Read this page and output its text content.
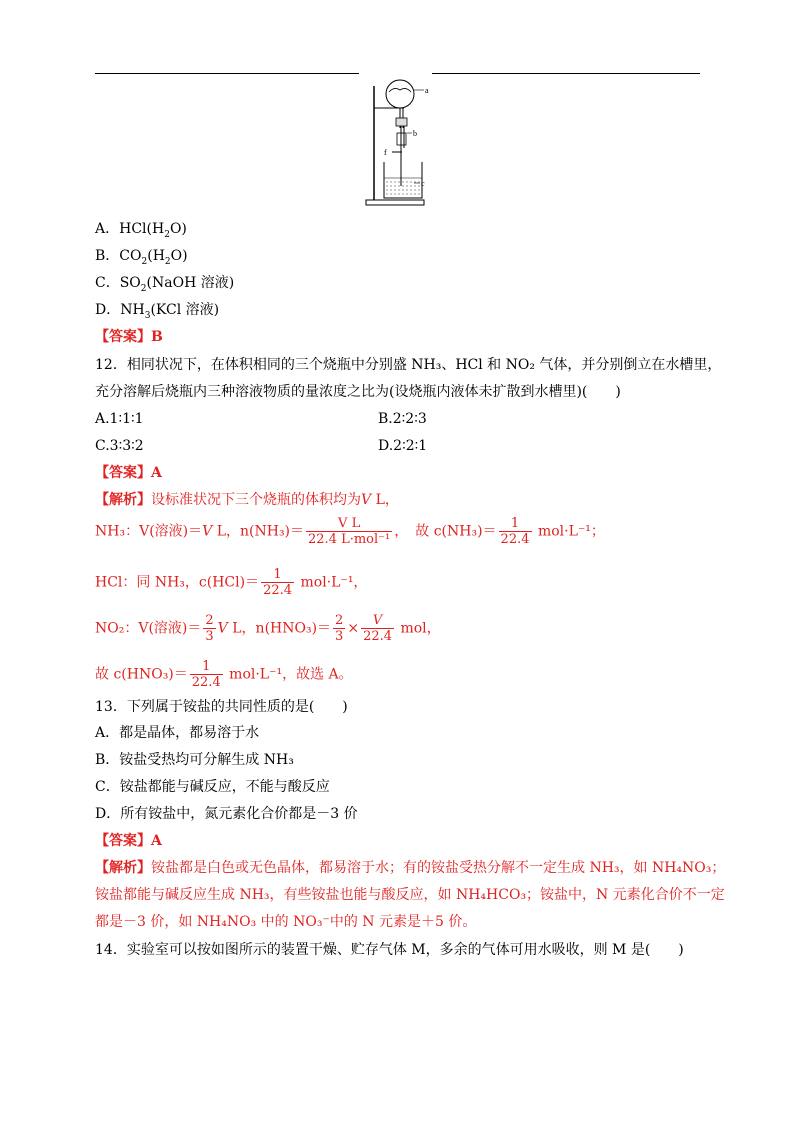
a
b
c
f
A．$HCl(H_2O)$
B．$CO_2(H_2O)$
C．$SO_2(NaOH$ 溶液)
D．$NH_3(KCl$ 溶液)
【答案】B
12．相同状况下，在体积相同的三个烧瓶中分别盛 NH₃、HCl 和 NO₂ 气体，并分别倒立在水槽里，
充分溶解后烧瓶内三种溶液物质的量浓度之比为(设烧瓶内液体未扩散到水槽里)(　　)
A.1∶1∶1	B.2∶2∶3
C.3∶3∶2	D.2∶2∶1
【答案】A
【解析】设标准状况下三个烧瓶的体积均为V L，
NH₃：V(溶液)＝V L，$n(NH_3)= \frac{\text{V L}}{\text{22.4 L·mol⁻¹}}$ ，　故 $c(NH_3)= \frac{1}{22.4} mol\cdot L^{-1}$；
HCl：同 NH₃，$c(HCl)= \frac{1}{22.4} mol\cdot L^{-1}$，
NO₂：V(溶液)＝ $\frac{2}{3}$ V L，$n(HNO_3)= \frac{2}{3} \times \frac{V}{22.4}$ mol，
故 $c(HNO_3)= \frac{1}{22.4} mol\cdot L^{-1}$，故选 A。
13．下列属于铵盐的共同性质的是(　　)
A．都是晶体，都易溶于水
B．铵盐受热均可分解生成 NH₃
C．铵盐都能与碱反应，不能与酸反应
D．所有铵盐中，氮元素化合价都是－3 价
【答案】A
【解析】铵盐都是白色或无色晶体，都易溶于水；有的铵盐受热分解不一定生成 NH₃，如 NH₄NO₃；
铵盐都能与碱反应生成 NH₃，有些铵盐也能与酸反应，如 NH₄HCO₃；铵盐中，N 元素化合价不一定
都是－3 价，如 NH₄NO₃ 中的 NO₃⁻中的 N 元素是＋5 价。
14．实验室可以按如图所示的装置干燥、贮存气体 M，多余的气体可用水吸收，则 M 是(　　)
